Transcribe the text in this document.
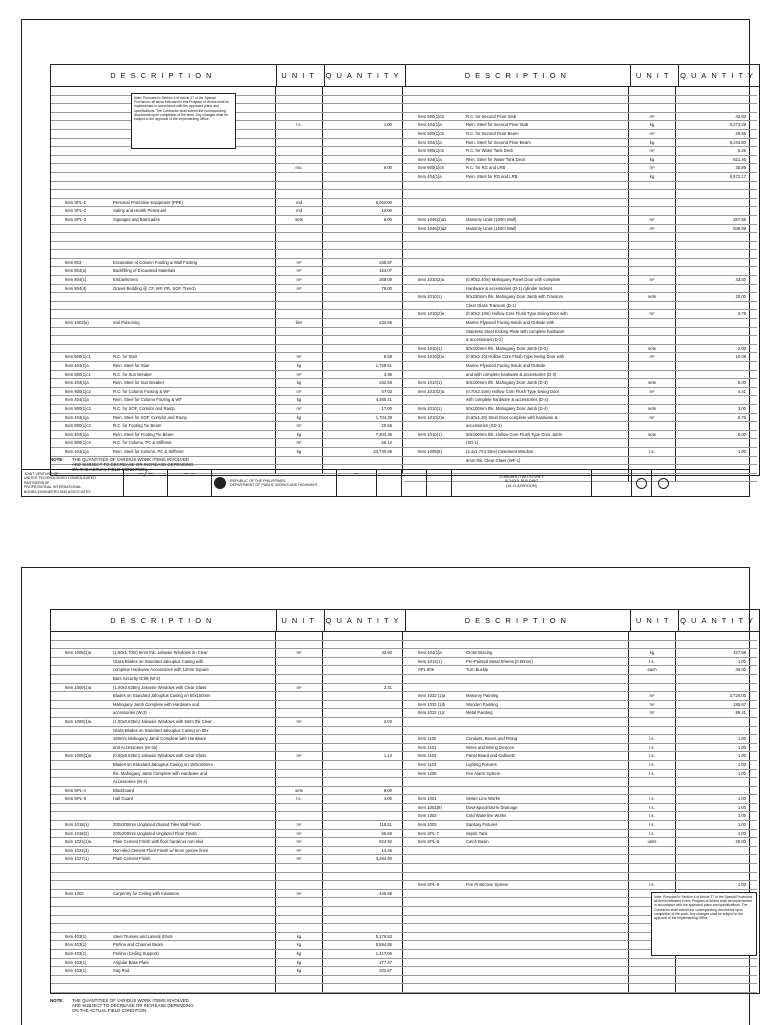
DESCRIPTION	UNIT QUANTITY	DESCRIPTION	UNIT QUANTITY
l.s.	1.00
mo.	6.00
Item SPL-1	Personal Protective Equipment (PPE)	md	6,062.00
Item SPL-2	Safety and Health Personnel	md	12.00
Item SPL-3	Signages and Barricades	sets	6.00
Item 803	Excavation of Column Footing & Wall Footing	m³	246.87
Item 804(a)	Backfilling of Excavated Materials	m³	153.07
Item 804(c)	Embankment	m³	268.09
Item 804(4)	Gravel Bedding @ CF, WF, PR, SOF, Trench	m³	78.00
Item 1003(a)	Soil Poisoning	liter	234.66
Item 900(1)c1	R.C. for Stair	m³	8.68
Item 404(1)a	Rein. Steel for Stair	kg	1,758.51
Item 900(1)c1	R.C. for Sun Breaker	m³	3.96
Item 404(1)a	Rein. Steel for Sun Breaker	kg	242.58
Item 900(1)c2	R.C. for Column Footing & WF	m³	57.03
Item 404(1)a	Rein. Steel for Column Footing & WF	kg	4,385.41
Item 900(1)c2	R.C. for SOF, Corridor and Ramp	m³	17.00
Item 404(1)a	Rein. Steel for SOF, Corridor and Ramp	kg	1,704.39
Item 900(1)c3	R.C. for Footing Tie Beam	m³	29.56
Item 404(1)a	Rein. Steel for Footing Tie Beam	kg	7,304.36
Item 900(1)c4	R.C. for Column, PC & Stiffener	m³	55.12
Item 404(1)a	Rein. Steel for Column, PC & Stiffener	kg	23,740.69
Item 900(1)c5	R.C. for Second Floor Slab	m³	42.83
Item 404(1)a	Rein. Steel for Second Floor Slab	kg	5,273.29
Item 900(1)c5	R.C. for Second Floor Beam	m³	29.66
Item 404(1)a	Rein. Steel for Second Floor Beam	kg	8,244.80
Item 900(1)c5	R.C. for Water Tank Deck	m³	5.26
Item 404(1)a	Rein. Steel for Water Tank Deck	kg	621.46
Item 900(1)c6	R.C. for RG and LRB	m³	35.89
Item 404(1)a	Rein. Steel for RG and LRB	kg	8,572.17
Item 1046(2)a1	Masonry Units (100m Wall)	m²	267.58
Item 1046(2)a2	Masonry Units (150m Wall)	m²	838.99
Item 1010(2)a	(0.90x2.40m) Mahogany Panel Door with complete	m²	43.20
Hardware & accessories (D-1) cylinder lockset
Item 1010(1)	50x150mm thk. Mahogany Door Jamb with Transom	sets	20.00
Clear Glass Transom (D-1)
Item 1010(2)a	(0.90x2.10m) Hollow Core Flush Type Swing Door with	m²	3.78
Marine Plywood Facing Inside and Outside with
Stainless Steel Kicking Plate with complete hardware
& accessories (D-2)
Item 1010(1)	50x100mm thk. Mahogany Door Jamb (D-2)	sets	2.00
Item 1010(2)a	(0.80x2.10) Hollow Core Flush Type Swing Door with	m²	10.08
Marine Plywood Facing Inside and Outside
and with complete hardware & accessories (D-3)
Item 1010(1)	50x100mm thk. Mahogany Door Jamb (D-3)	sets	6.00
Item 1010(2)a	(0.70x2.10m) Hollow Core Flush Type Swing Door	m²	4.41
with complete hardware & accessories (D-4)
Item 1010(1)	50x100mm thk. Mahogany Door Jamb (D-4)	sets	3.00
Item 1010(2)a	(0.60x1.20) Steel Door complete with hardware &	m²	5.76
accessories (SD-1)
Item 1010(1)	50x100mm thk. Hollow Core Flush Type Door Jamb	sets	8.00
(SD-1)
Item 1005(6)	(2.4x1.7m) Steel Casement Window	l.s.	1.00
6mm thk. Clear Glass (WF-1)
Note: Pursuant to Section 4 of Article 27 of the Special Provisions, all items indicated in this Program of Works shall be implemented in accordance with the approved plans and specifications. The Contractor shall submit the corresponding documents upon completion of the work. Any changes shall be subject to the approval of the Implementing Office.
NOTE: THE QUANTITIES OF VARIOUS WORK ITEMS INVOLVED
ARE SUBJECT TO DECREASE OR INCREASE DEPENDING
ON THE ACTUAL FIELD CONDITION.
JOINT VENTURE OF
UNITED TECHNOLOGIES CONSOLIDATED PARTNERSHIP
PROFESSIONAL INTERNATIONAL
BOHRA ENGINEERS AND ASSOCIATES
~/~	~~
REPUBLIC OF THE PHILIPPINES
DEPARTMENT OF PUBLIC WORKS AND HIGHWAYS
~	STANDARD TWO-STOREY
SCHOOL BUILDING
(16-CLASSROOM)
DESCRIPTION	UNIT QUANTITY	DESCRIPTION	UNIT QUANTITY
Item 1009(1)a	(1.50x1.70m) 5mm thk. Jalousie Windows on Clear	m²	43.92
Glass Blades on Standard Jalouplus Casing with
complete Hardware Accessories with 12mm Square
Bars Security Grills (W-2)
Item 1009(1)a	(1.00x0.635m) Jalousie Windows with Clear Glass	m²	3.41
Blades on Standard Jalouplus Casing on 50x150mm
Mahogany Jamb Complete with Hardware and
accessories (W-3)
Item 1009(1)a	(1.00x0.635m) Jalousie Windows with 5mm thk Clear	m²	2.03
Glass Blades on Standard Jalouplus Casing on 50x
150mm Mahogany Jamb Complete with Hardware
and Accessories (W-3a)
Item 1009(1)a	(0.60x0.635m) Jalousie Windows with Clear Glass	m²	1.14
Blades on Standard Jalouplus Casing on 150x150mm
thk. Mahogany Jamb Complete with Hardware and
Accessories (W-4)
Item SPL-4	Blackboard	sets	8.00
Item SPL-5	Hall Guard	l.s.	1.00
Item 1018(1)	200x200mm Unglazed Glazed Tiles Wall Finish	m²	115.51
Item 1018(2)	200x200mm Unglazed Unglazed Floor Finish	m²	55.66
Item 1021(1)a	Plain Cement Finish with floor hardener non-skid	m²	824.92
Item 1021(3)	Non-skid Cement Floor Finish w/ 6mm groove lines	m²	14.45
Item 1027(1)	Plain Cement Finish	m²	3,294.60
Item 1003	Carpentry for Ceiling with Insulation	m²	445.66
Item 403(1)	Steel Trusses and Lateral Struts	kg	5,176.53
Item 403(1)	Purline and Channel Beam	kg	5,584.85
Item 403(1)	Purline (Ceiling Support)	kg	1,417.06
Item 403(1)	Angular Base Plate	kg	277.47
Item 403(1)	Sag Rod	kg	202.67
Item 404(1)a	Cross Bracing	kg	427.58
Item 1013(1)	Pre-Painted Metal Sheets (0.50mm)	l.s.	1.00
SPL 905	Turn Buckle	each	36.00
Item 1032 (1)a	Masonry Painting	m²	3,720.00
Item 1032 (1)b	Wooden Painting	m²	185.67
Item 1032 (1)c	Metal Painting	m²	99.41
Item 1100	Conduits, Boxes and Fitting	l.s.	1.00
Item 1101	Wires and Wiring Devices	l.s.	1.00
Item 1102	Panel Board and Cabinets	l.s.	1.00
Item 1103	Lighting Fixtures	l.s.	1.00
Item 1206	Fire Alarm System	l.s.	1.00
Item 1001	Sewer Line Works	l.s.	1.00
Item 1001(8)	Downspout/Storm Drainage	l.s.	1.00
Item 1002	Cold Waterline Works	l.s.	1.00
Item 1002	Sanitary Fixtures	l.s.	1.00
Item SPL-7	Septic Tank	l.s.	1.00
Item SPL-8	Catch Basin	units	20.00
Item SPL-9	Fire Protection System	l.s.	1.00
Note: Pursuant to Section 4 of Article 27 of the Special Provisions, all items indicated in this Program of Works shall be implemented in accordance with the approved plans and specifications. The Contractor shall submit the corresponding documents upon completion of the work. Any changes shall be subject to the approval of the Implementing Office.
NOTE: THE QUANTITIES OF VARIOUS WORK ITEMS INVOLVED
ARE SUBJECT TO DECREASE OR INCREASE DEPENDING
ON THE ACTUAL FIELD CONDITION.
